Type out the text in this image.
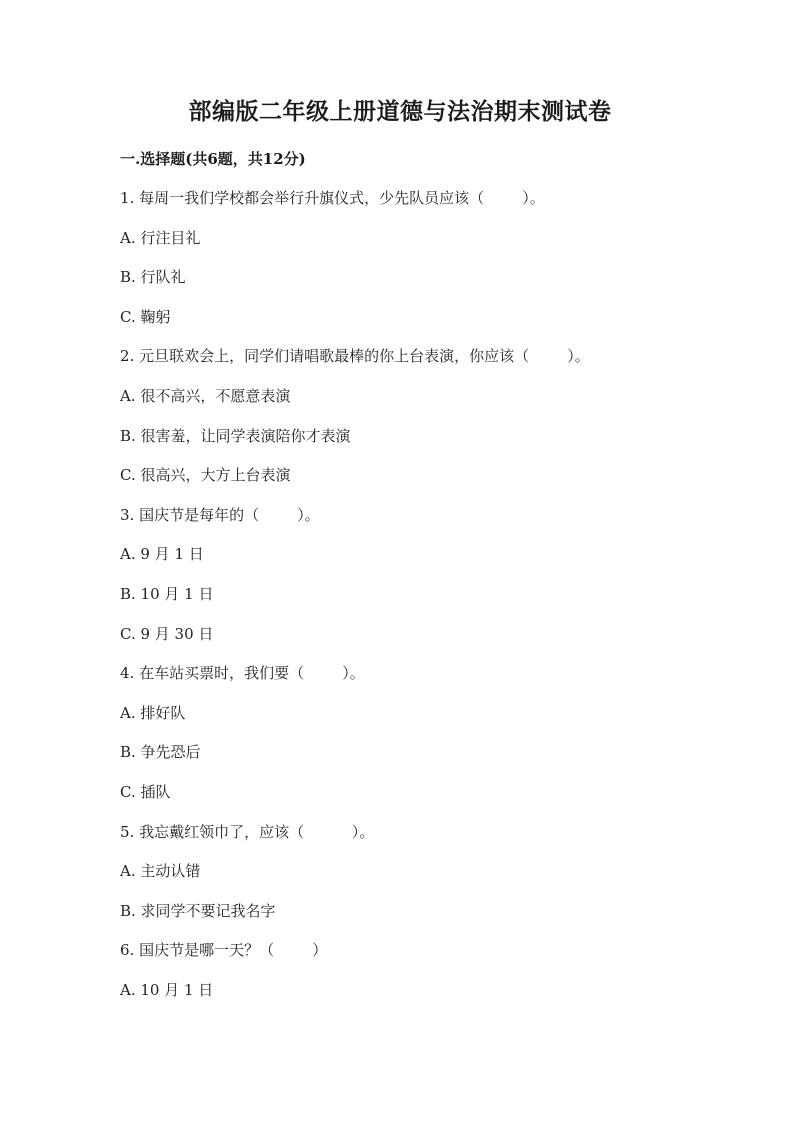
部编版二年级上册道德与法治期末测试卷
一.选择题(共6题，共12分)
1. 每周一我们学校都会举行升旗仪式，少先队员应该（        ）。
A. 行注目礼
B. 行队礼
C. 鞠躬
2. 元旦联欢会上，同学们请唱歌最棒的你上台表演，你应该（        ）。
A. 很不高兴，不愿意表演
B. 很害羞，让同学表演陪你才表演
C. 很高兴，大方上台表演
3. 国庆节是每年的（        ）。
A. 9 月 1 日
B. 10 月 1 日
C. 9 月 30 日
4. 在车站买票时，我们要（        ）。
A. 排好队
B. 争先恐后
C. 插队
5. 我忘戴红领巾了，应该（          ）。
A. 主动认错
B. 求同学不要记我名字
6. 国庆节是哪一天？（        ）
A. 10 月 1 日
